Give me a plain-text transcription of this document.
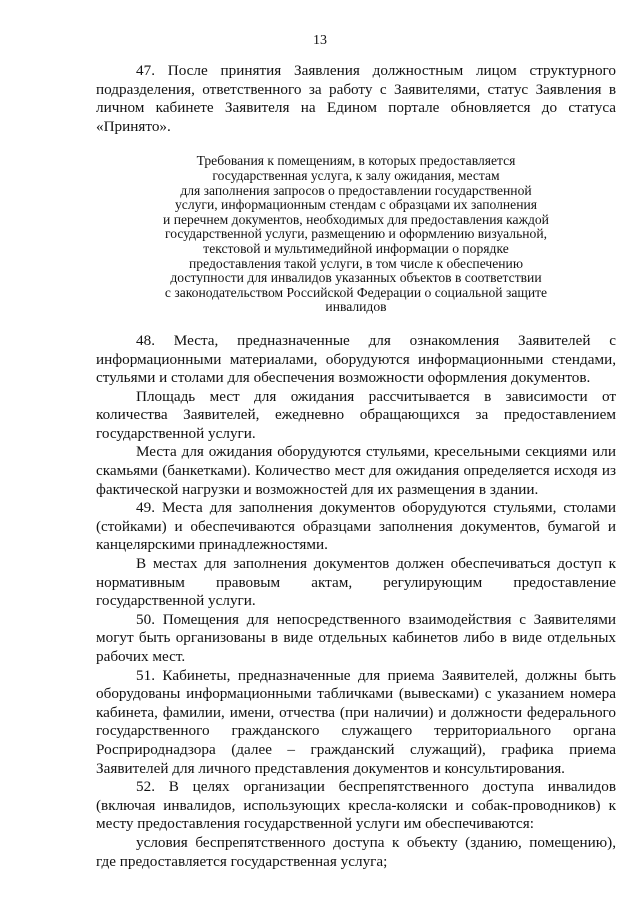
13

47. После принятия Заявления должностным лицом структурного подразделения, ответственного за работу с Заявителями, статус Заявления в личном кабинете Заявителя на Едином портале обновляется до статуса «Принято».

Требования к помещениям, в которых предоставляется
государственная услуга, к залу ожидания, местам
для заполнения запросов о предоставлении государственной
услуги, информационным стендам с образцами их заполнения
и перечнем документов, необходимых для предоставления каждой
государственной услуги, размещению и оформлению визуальной,
текстовой и мультимедийной информации о порядке
предоставления такой услуги, в том числе к обеспечению
доступности для инвалидов указанных объектов в соответствии
с законодательством Российской Федерации о социальной защите
инвалидов

48. Места, предназначенные для ознакомления Заявителей с информационными материалами, оборудуются информационными стендами, стульями и столами для обеспечения возможности оформления документов.

Площадь мест для ожидания рассчитывается в зависимости от количества Заявителей, ежедневно обращающихся за предоставлением государственной услуги.

Места для ожидания оборудуются стульями, кресельными секциями или скамьями (банкетками). Количество мест для ожидания определяется исходя из фактической нагрузки и возможностей для их размещения в здании.

49. Места для заполнения документов оборудуются стульями, столами (стойками) и обеспечиваются образцами заполнения документов, бумагой и канцелярскими принадлежностями.

В местах для заполнения документов должен обеспечиваться доступ к нормативным правовым актам, регулирующим предоставление государственной услуги.

50. Помещения для непосредственного взаимодействия с Заявителями могут быть организованы в виде отдельных кабинетов либо в виде отдельных рабочих мест.

51. Кабинеты, предназначенные для приема Заявителей, должны быть оборудованы информационными табличками (вывесками) с указанием номера кабинета, фамилии, имени, отчества (при наличии) и должности федерального государственного гражданского служащего территориального органа Росприроднадзора (далее – гражданский служащий), графика приема Заявителей для личного представления документов и консультирования.

52. В целях организации беспрепятственного доступа инвалидов (включая инвалидов, использующих кресла-коляски и собак-проводников) к месту предоставления государственной услуги им обеспечиваются:

условия беспрепятственного доступа к объекту (зданию, помещению), где предоставляется государственная услуга;
